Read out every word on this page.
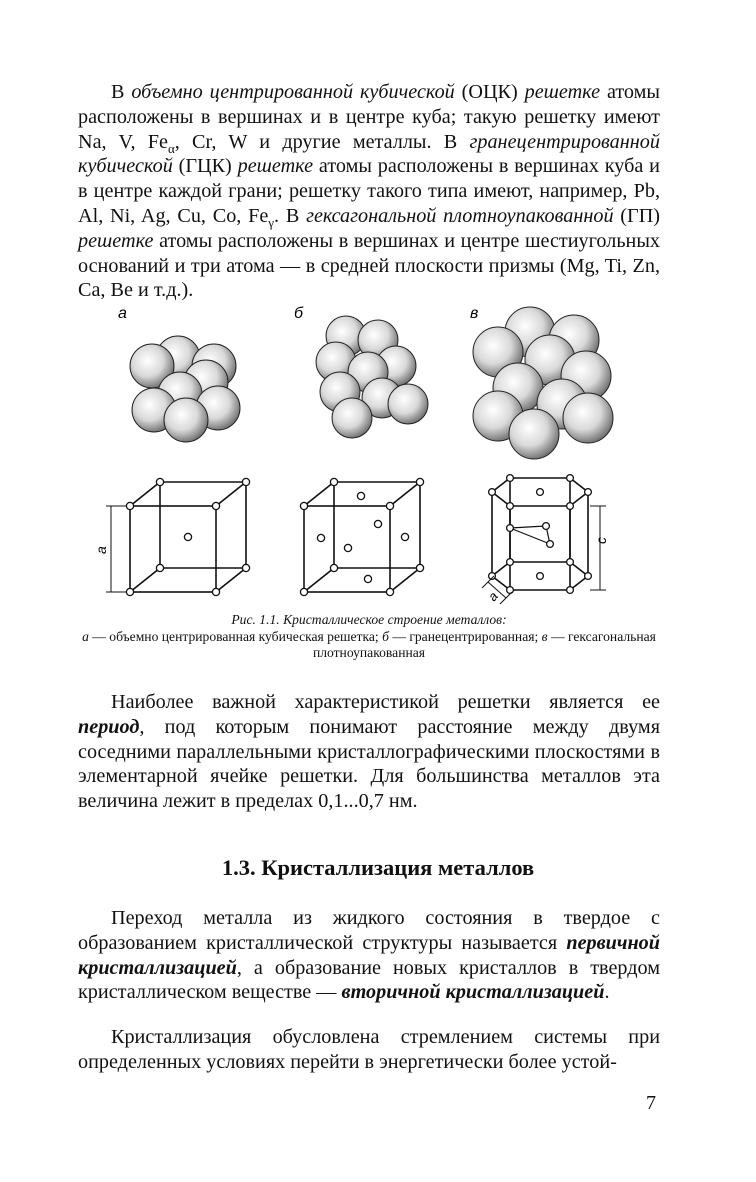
В объемно центрированной кубической (ОЦК) решетке атомы расположены в вершинах и в центре куба; такую решетку имеют Na, V, $Fe_\alpha$, Cr, W и другие металлы. В гранецентрированной кубической (ГЦК) решетке атомы расположены в вершинах куба и в центре каждой грани; решетку такого типа имеют, например, Pb, Al, Ni, Ag, Cu, Co, $Fe_\gamma$. В гексагональной плотноупакованной (ГП) решетке атомы расположены в вершинах и центре шестиугольных оснований и три атома — в средней плоскости призмы (Mg, Ti, Zn, Ca, Be и т.д.).

а	б	в
а
с
а
Рис. 1.1. Кристаллическое строение металлов:
а — объемно центрированная кубическая решетка; б — гранецентрированная; в — гексагональная плотноупакованная

Наиболее важной характеристикой решетки является ее период, под которым понимают расстояние между двумя соседними параллельными кристаллографическими плоскостями в элементарной ячейке решетки. Для большинства металлов эта величина лежит в пределах 0,1...0,7 нм.

1.3. Кристаллизация металлов

Переход металла из жидкого состояния в твердое с образованием кристаллической структуры называется первичной кристаллизацией, а образование новых кристаллов в твердом кристаллическом веществе — вторичной кристаллизацией.

Кристаллизация обусловлена стремлением системы при определенных условиях перейти в энергетически более устой-

7
